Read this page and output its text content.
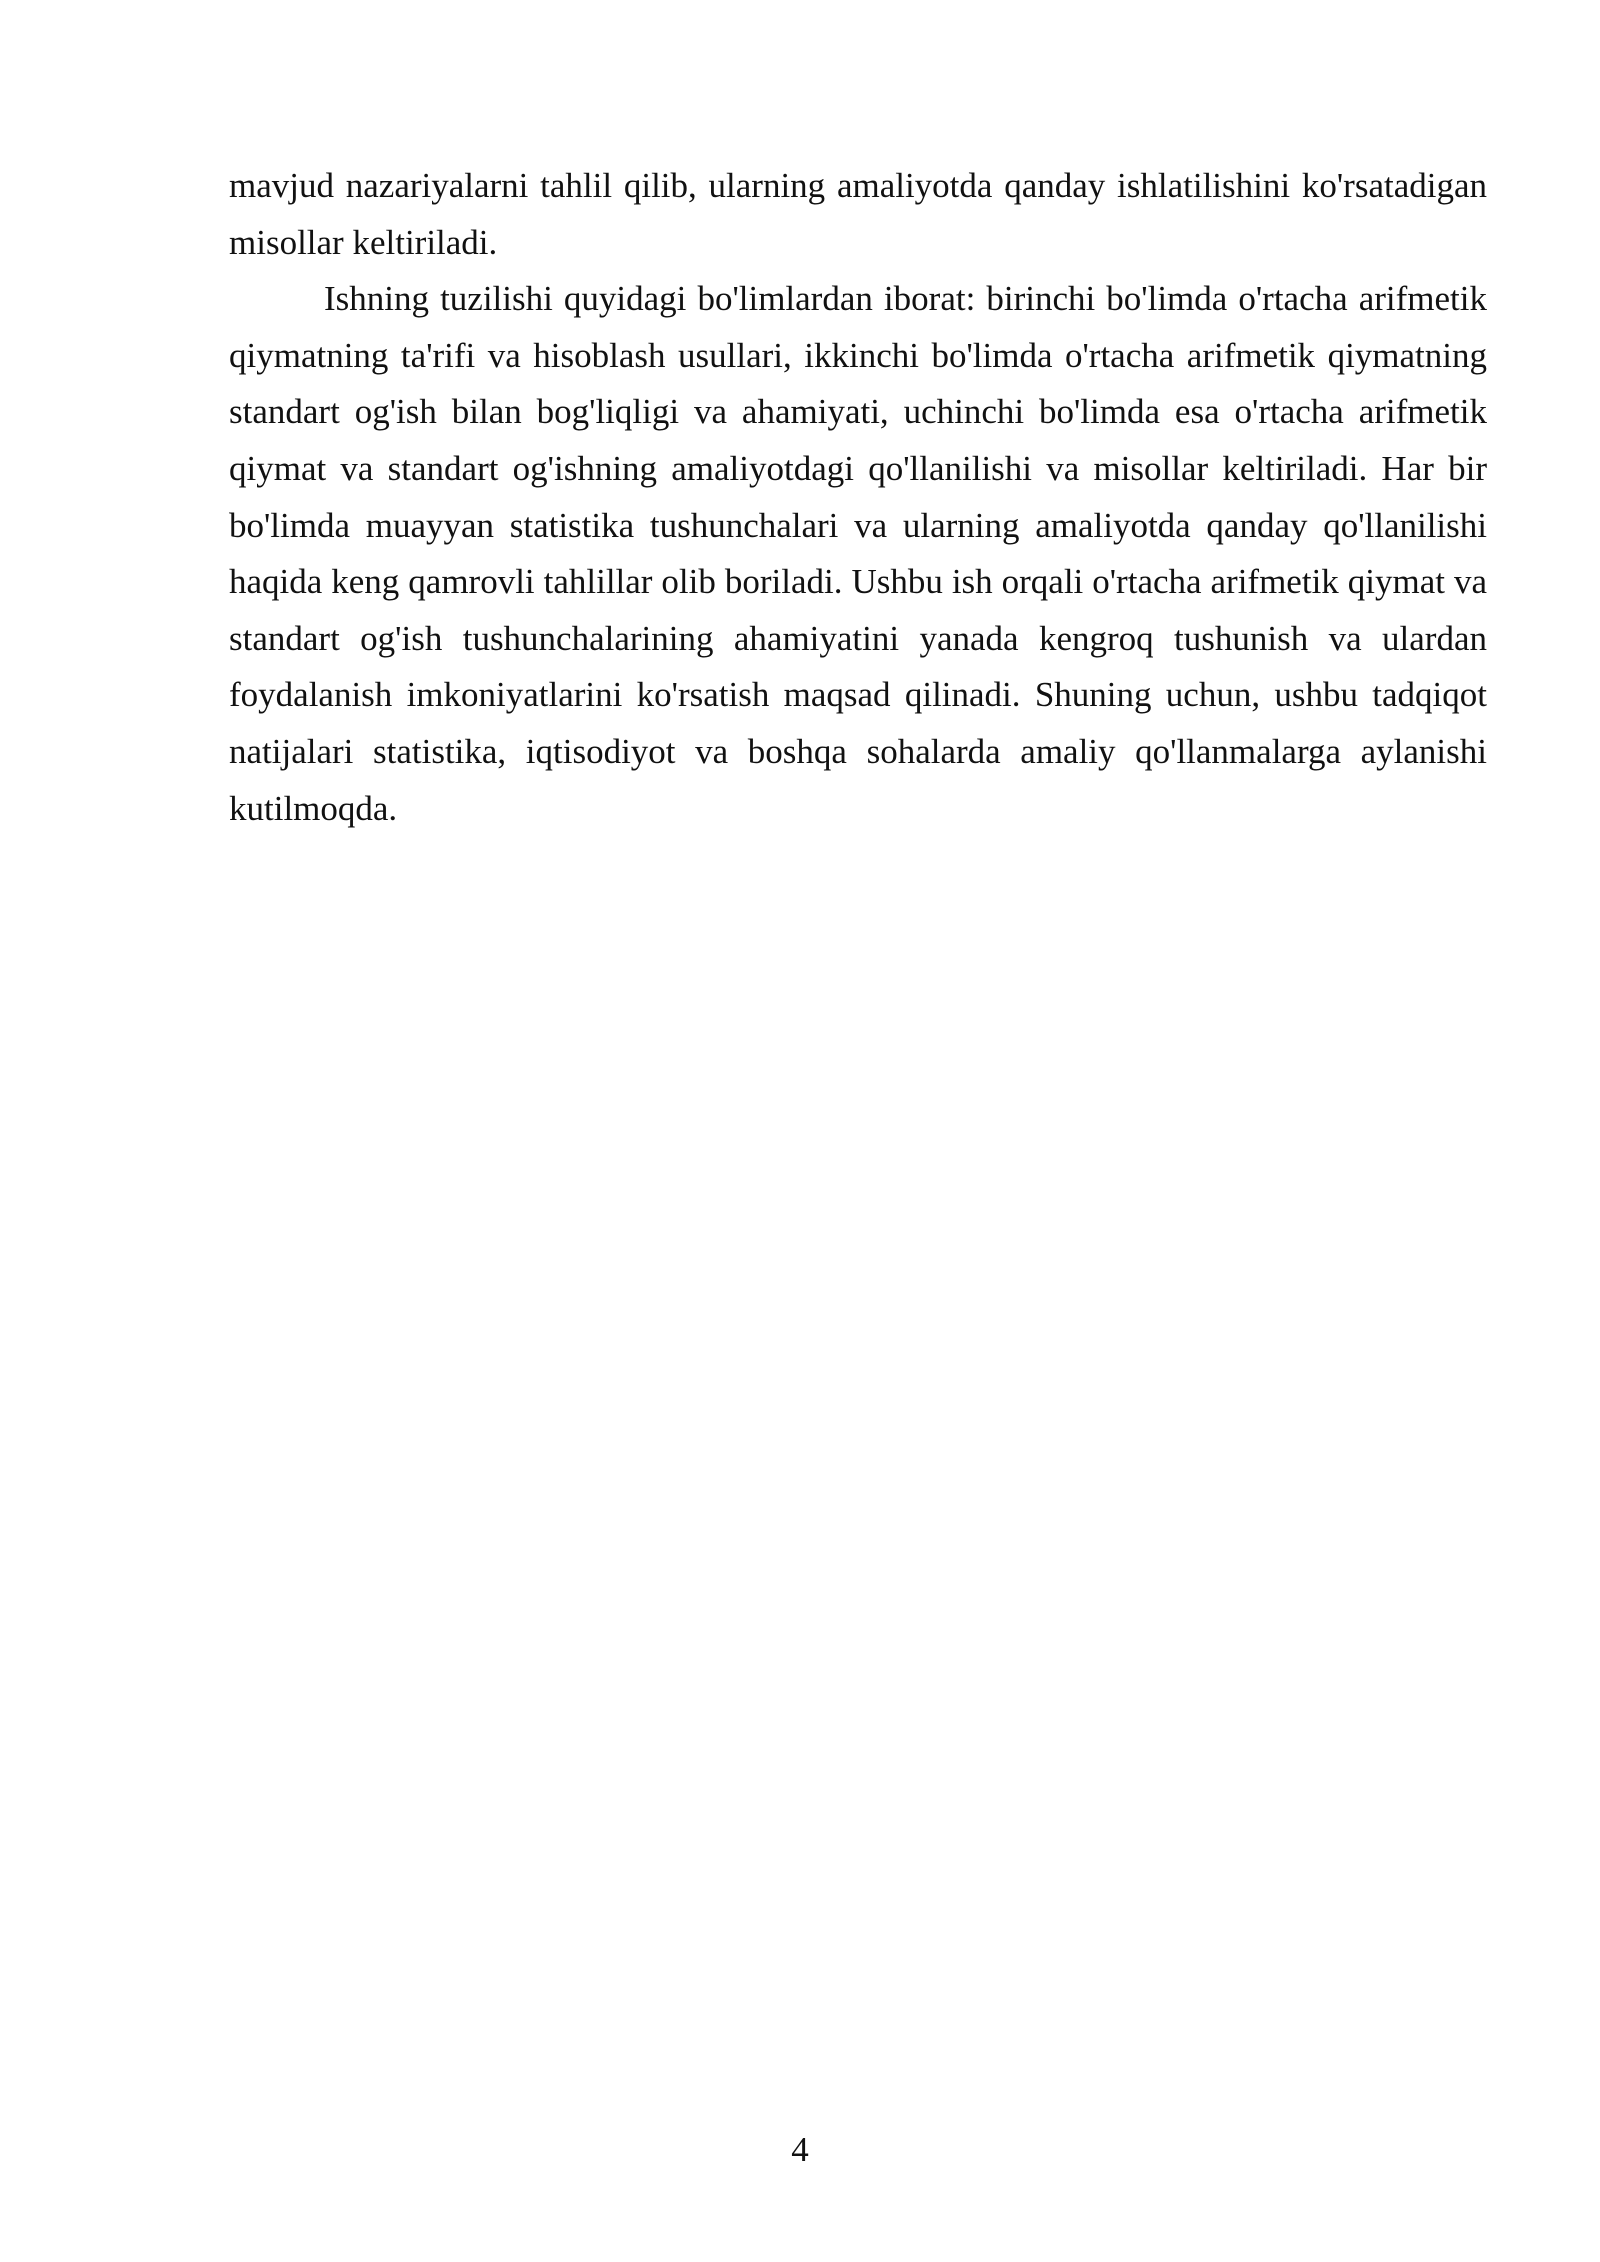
mavjud nazariyalarni tahlil qilib, ularning amaliyotda qanday ishlatilishini ko'rsatadigan misollar keltiriladi.

Ishning tuzilishi quyidagi bo'limlardan iborat: birinchi bo'limda o'rtacha arifmetik qiymatning ta'rifi va hisoblash usullari, ikkinchi bo'limda o'rtacha arifmetik qiymatning standart og'ish bilan bog'liqligi va ahamiyati, uchinchi bo'limda esa o'rtacha arifmetik qiymat va standart og'ishning amaliyotdagi qo'llanilishi va misollar keltiriladi. Har bir bo'limda muayyan statistika tushunchalari va ularning amaliyotda qanday qo'llanilishi haqida keng qamrovli tahlillar olib boriladi. Ushbu ish orqali o'rtacha arifmetik qiymat va standart og'ish tushunchalarining ahamiyatini yanada kengroq tushunish va ulardan foydalanish imkoniyatlarini ko'rsatish maqsad qilinadi. Shuning uchun, ushbu tadqiqot natijalari statistika, iqtisodiyot va boshqa sohalarda amaliy qo'llanmalarga aylanishi kutilmoqda.

4
